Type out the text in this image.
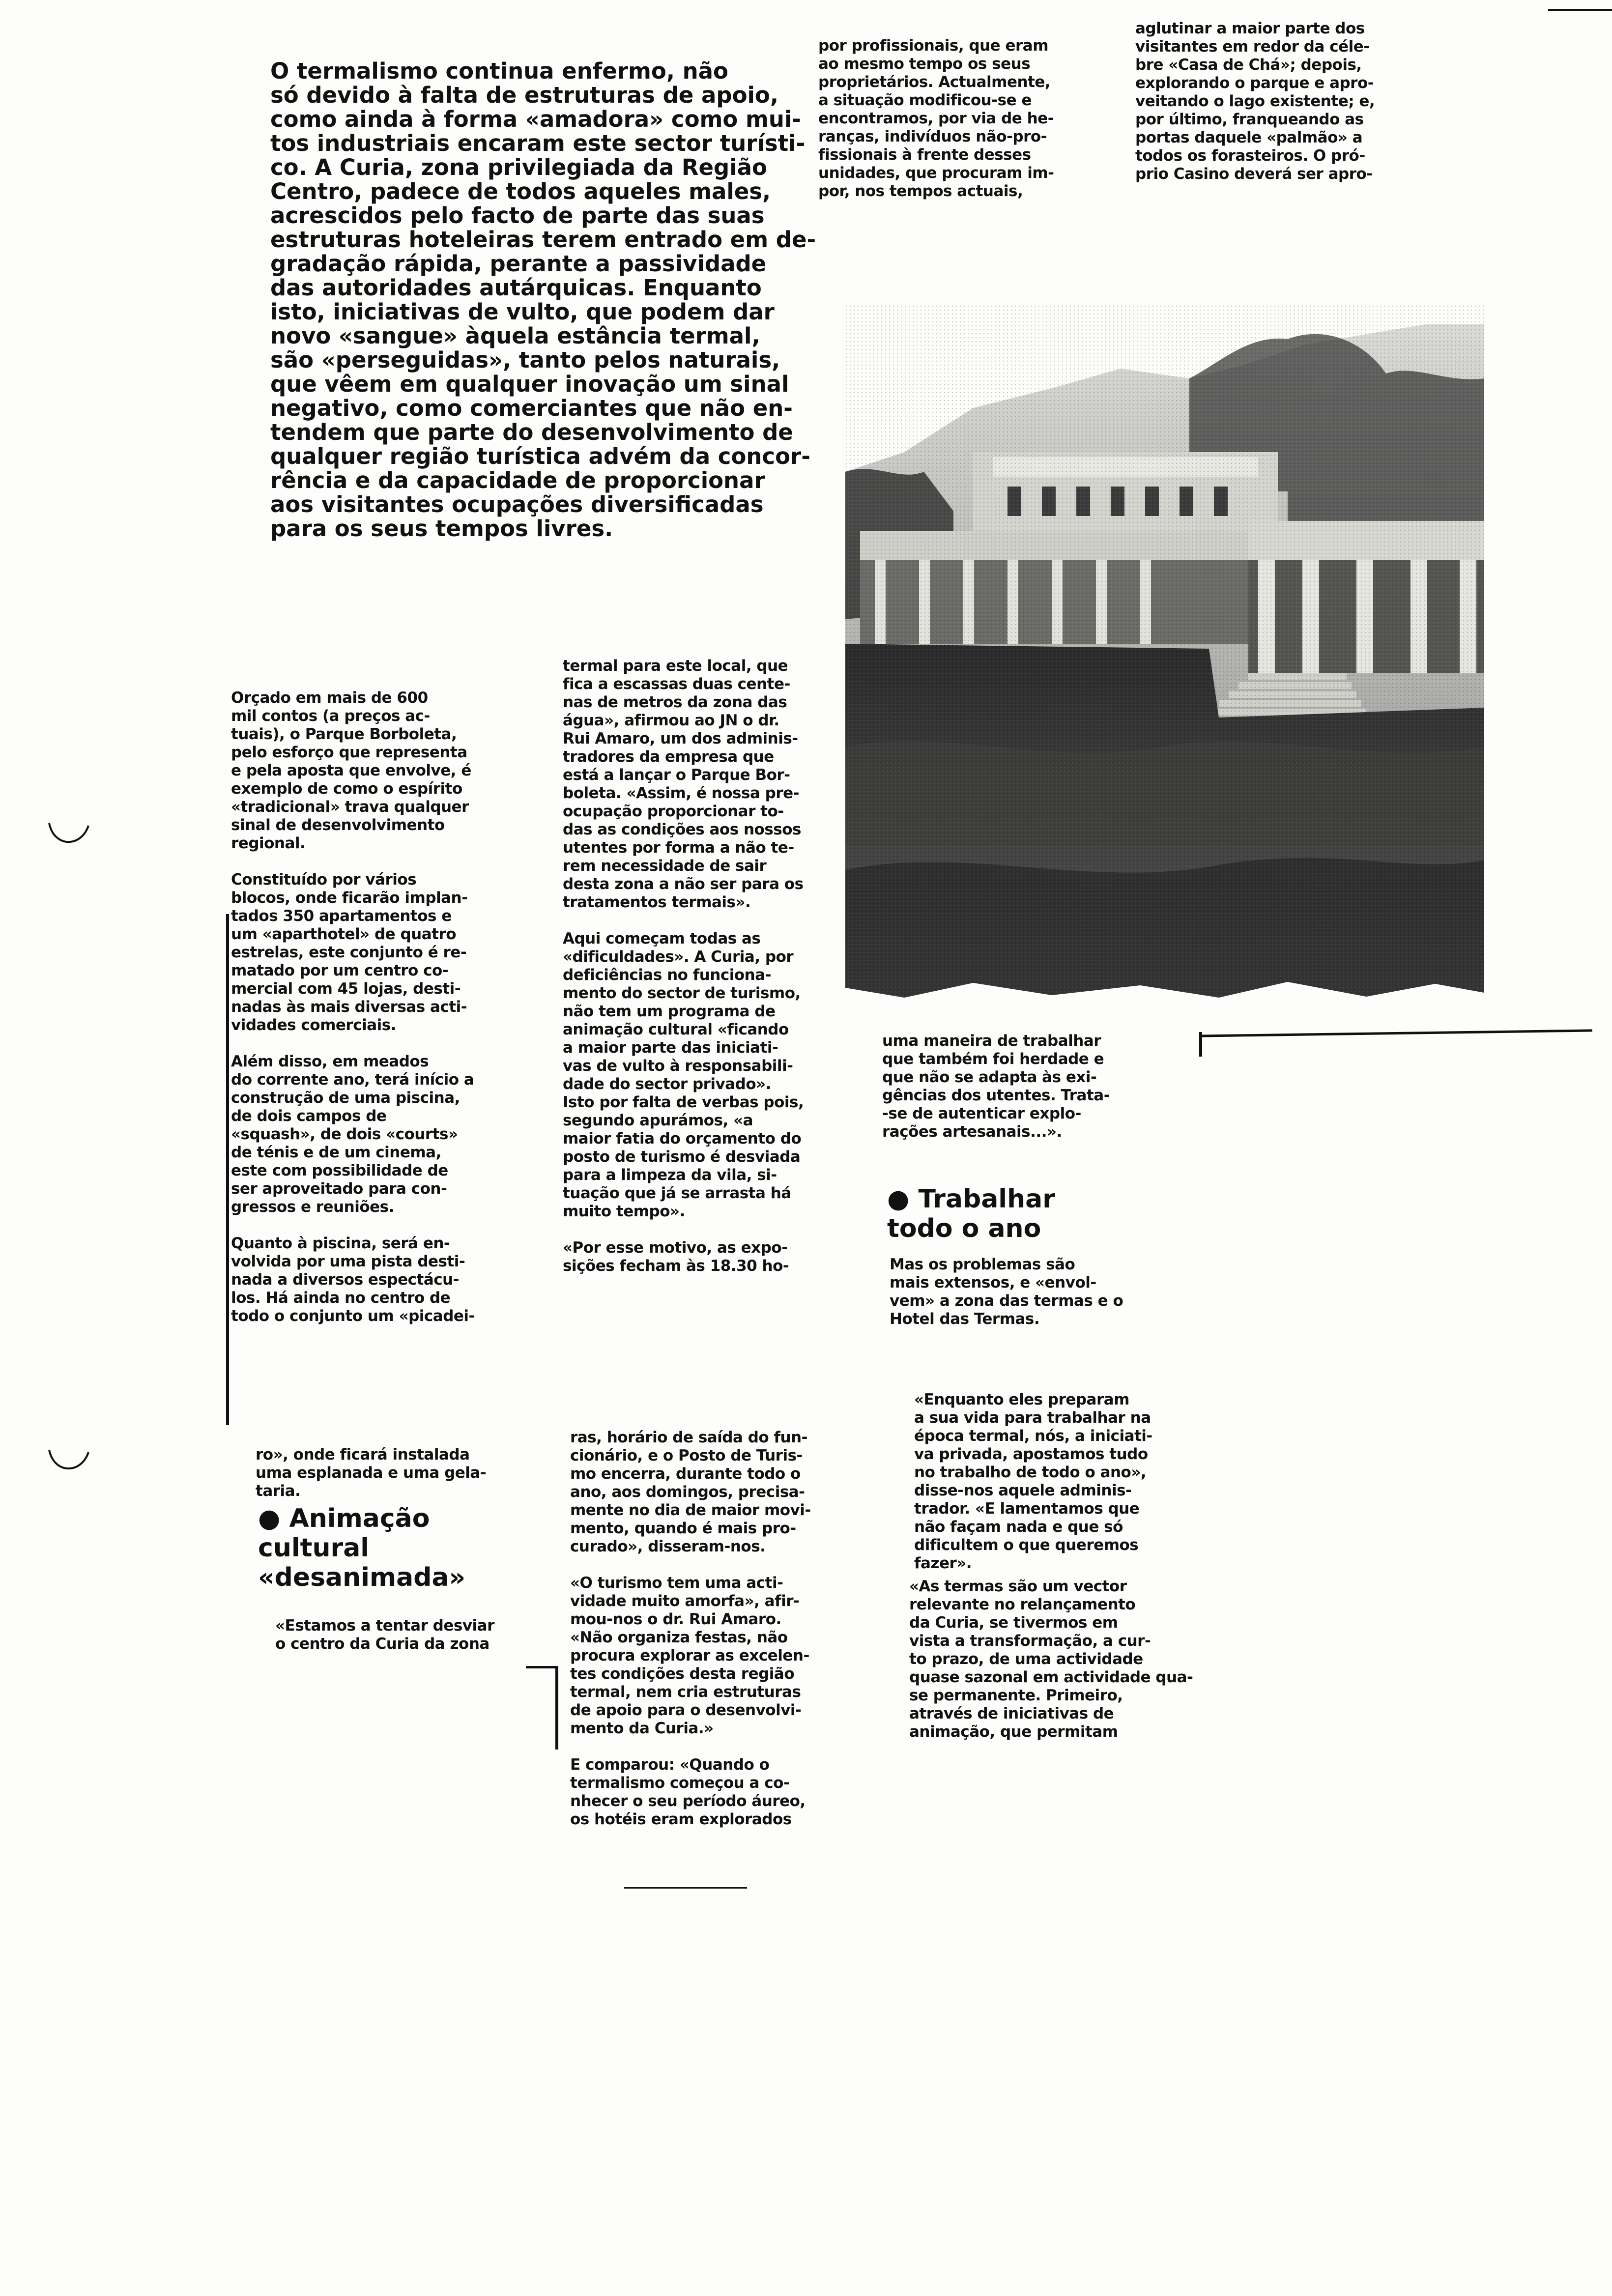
O termalismo continua enfermo, não
só devido à falta de estruturas de apoio,
como ainda à forma «amadora» como mui-
tos industriais encaram este sector turísti-
co. A Curia, zona privilegiada da Região
Centro, padece de todos aqueles males,
acrescidos pelo facto de parte das suas
estruturas hoteleiras terem entrado em de-
gradação rápida, perante a passividade
das autoridades autárquicas. Enquanto
isto, iniciativas de vulto, que podem dar
novo «sangue» àquela estância termal,
são «perseguidas», tanto pelos naturais,
que vêem em qualquer inovação um sinal
negativo, como comerciantes que não en-
tendem que parte do desenvolvimento de
qualquer região turística advém da concor-
rência e da capacidade de proporcionar
aos visitantes ocupações diversificadas
para os seus tempos livres.

Orçado em mais de 600
mil contos (a preços ac-
tuais), o Parque Borboleta,
pelo esforço que representa
e pela aposta que envolve, é
exemplo de como o espírito
«tradicional» trava qualquer
sinal de desenvolvimento
regional.

Constituído por vários
blocos, onde ficarão implan-
tados 350 apartamentos e
um «aparthotel» de quatro
estrelas, este conjunto é re-
matado por um centro co-
mercial com 45 lojas, desti-
nadas às mais diversas acti-
vidades comerciais.

Além disso, em meados
do corrente ano, terá início a
construção de uma piscina,
de dois campos de
«squash», de dois «courts»
de ténis e de um cinema,
este com possibilidade de
ser aproveitado para con-
gressos e reuniões.

Quanto à piscina, será en-
volvida por uma pista desti-
nada a diversos espectácu-
los. Há ainda no centro de
todo o conjunto um «picadei-

ro», onde ficará instalada
uma esplanada e uma gela-
taria.

● Animação
cultural
«desanimada»
«Estamos a tentar desviar
o centro da Curia da zona

termal para este local, que
fica a escassas duas cente-
nas de metros da zona das
água», afirmou ao JN o dr.
Rui Amaro, um dos adminis-
tradores da empresa que
está a lançar o Parque Bor-
boleta. «Assim, é nossa pre-
ocupação proporcionar to-
das as condições aos nossos
utentes por forma a não te-
rem necessidade de sair
desta zona a não ser para os
tratamentos termais».

Aqui começam todas as
«dificuldades». A Curia, por
deficiências no funciona-
mento do sector de turismo,
não tem um programa de
animação cultural «ficando
a maior parte das iniciati-
vas de vulto à responsabili-
dade do sector privado».
Isto por falta de verbas pois,
segundo apurámos, «a
maior fatia do orçamento do
posto de turismo é desviada
para a limpeza da vila, si-
tuação que já se arrasta há
muito tempo».

«Por esse motivo, as expo-
sições fecham às 18.30 ho-

ras, horário de saída do fun-
cionário, e o Posto de Turis-
mo encerra, durante todo o
ano, aos domingos, precisa-
mente no dia de maior movi-
mento, quando é mais pro-
curado», disseram-nos.

«O turismo tem uma acti-
vidade muito amorfa», afir-
mou-nos o dr. Rui Amaro.
«Não organiza festas, não
procura explorar as excelen-
tes condições desta região
termal, nem cria estruturas
de apoio para o desenvolvi-
mento da Curia.»

E comparou: «Quando o
termalismo começou a co-
nhecer o seu período áureo,
os hotéis eram explorados

por profissionais, que eram
ao mesmo tempo os seus
proprietários. Actualmente,
a situação modificou-se e
encontramos, por via de he-
ranças, indivíduos não-pro-
fissionais à frente desses
unidades, que procuram im-
por, nos tempos actuais,
aglutinar a maior parte dos
visitantes em redor da céle-
bre «Casa de Chá»; depois,
explorando o parque e apro-
veitando o lago existente; e,
por último, franqueando as
portas daquele «palmão» a
todos os forasteiros. O pró-
prio Casino deverá ser apro-
uma maneira de trabalhar
que também foi herdade e
que não se adapta às exi-
gências dos utentes. Trata-
-se de autenticar explo-
rações artesanais...».
● Trabalhar
todo o ano
Mas os problemas são
mais extensos, e «envol-
vem» a zona das termas e o
Hotel das Termas.
«Enquanto eles preparam
a sua vida para trabalhar na
época termal, nós, a iniciati-
va privada, apostamos tudo
no trabalho de todo o ano»,
disse-nos aquele adminis-
trador. «E lamentamos que
não façam nada e que só
dificultem o que queremos
fazer».
«As termas são um vector
relevante no relançamento
da Curia, se tivermos em
vista a transformação, a cur-
to prazo, de uma actividade
quase sazonal em actividade qua-
se permanente. Primeiro,
através de iniciativas de
animação, que permitam
